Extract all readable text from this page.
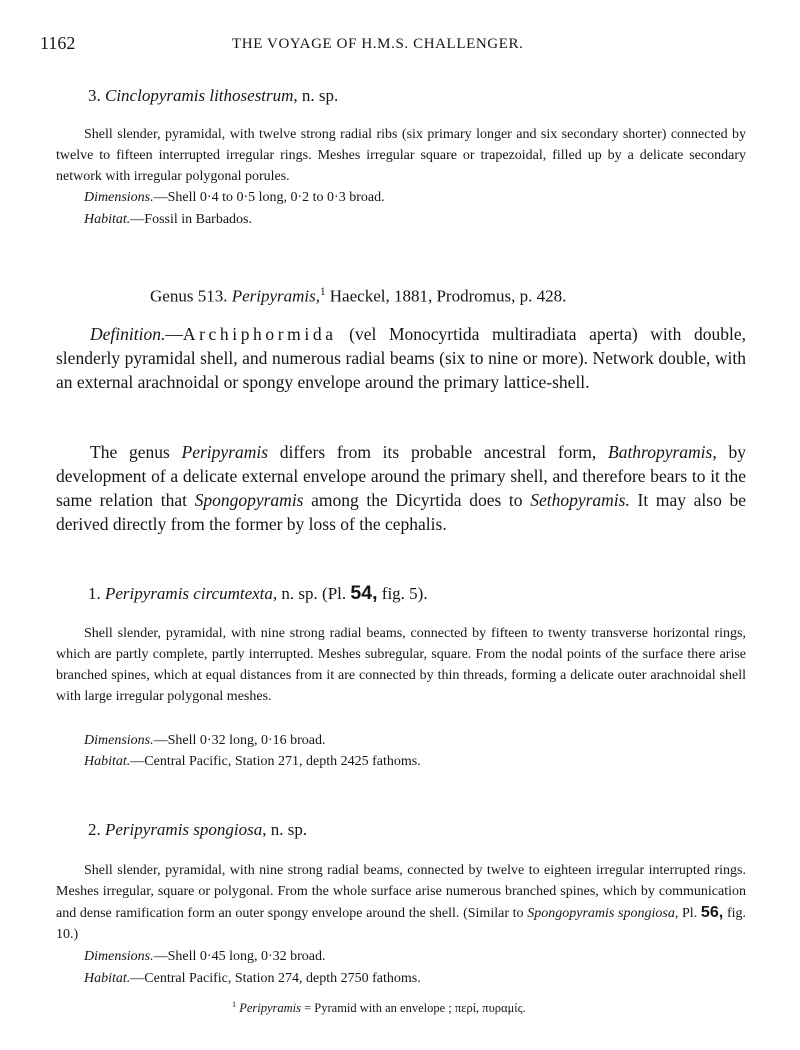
1162	THE VOYAGE OF H.M.S. CHALLENGER.
3. Cinclopyramis lithosestrum, n. sp.
Shell slender, pyramidal, with twelve strong radial ribs (six primary longer and six secondary shorter) connected by twelve to fifteen interrupted irregular rings. Meshes irregular square or trapezoidal, filled up by a delicate secondary network with irregular polygonal porules.
Dimensions.—Shell 0·4 to 0·5 long, 0·2 to 0·3 broad.
Habitat.—Fossil in Barbados.
Genus 513. Peripyramis,$^1$ Haeckel, 1881, Prodromus, p. 428.
Definition.—Archiphormida (vel Monocyrtida multiradiata aperta) with double, slenderly pyramidal shell, and numerous radial beams (six to nine or more). Network double, with an external arachnoidal or spongy envelope around the primary lattice-shell.
The genus Peripyramis differs from its probable ancestral form, Bathropyramis, by development of a delicate external envelope around the primary shell, and therefore bears to it the same relation that Spongopyramis among the Dicyrtida does to Sethopyramis. It may also be derived directly from the former by loss of the cephalis.
1. Peripyramis circumtexta, n. sp. (Pl. 54, fig. 5).
Shell slender, pyramidal, with nine strong radial beams, connected by fifteen to twenty transverse horizontal rings, which are partly complete, partly interrupted. Meshes subregular, square. From the nodal points of the surface there arise branched spines, which at equal distances from it are connected by thin threads, forming a delicate outer arachnoidal shell with large irregular polygonal meshes.
Dimensions.—Shell 0·32 long, 0·16 broad.
Habitat.—Central Pacific, Station 271, depth 2425 fathoms.
2. Peripyramis spongiosa, n. sp.
Shell slender, pyramidal, with nine strong radial beams, connected by twelve to eighteen irregular interrupted rings. Meshes irregular, square or polygonal. From the whole surface arise numerous branched spines, which by communication and dense ramification form an outer spongy envelope around the shell. (Similar to Spongopyramis spongiosa, Pl. 56, fig. 10.)
Dimensions.—Shell 0·45 long, 0·32 broad.
Habitat.—Central Pacific, Station 274, depth 2750 fathoms.
$^1$ Peripyramis = Pyramid with an envelope ; περί, πυραμίς.
